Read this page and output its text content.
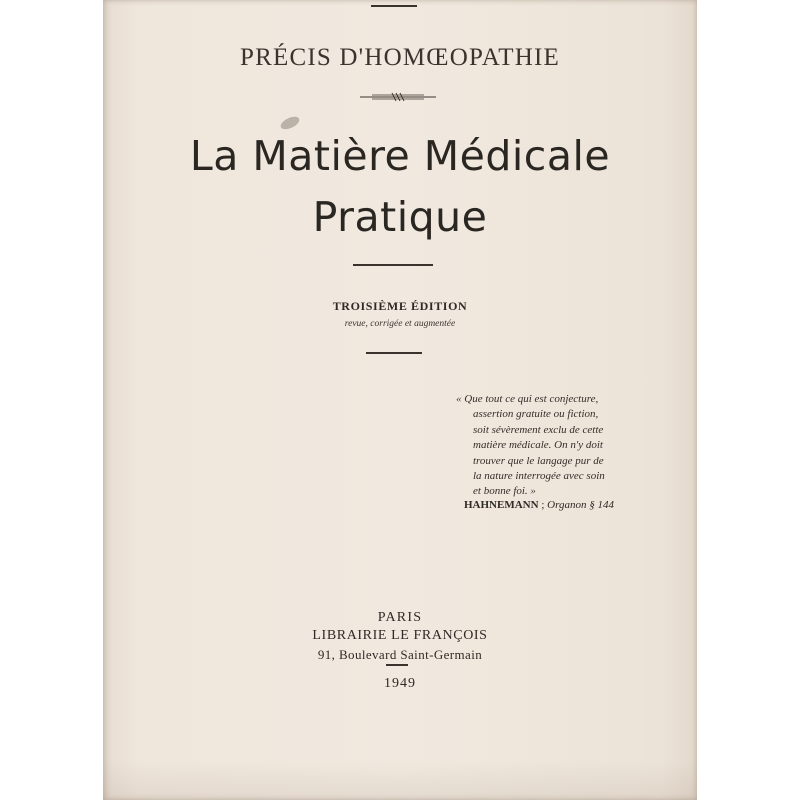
PRÉCIS D'HOMŒOPATHIE
La Matière Médicale
Pratique
TROISIÈME ÉDITION
revue, corrigée et augmentée
« Que tout ce qui est conjecture,
assertion gratuite ou fiction,
soit sévèrement exclu de cette
matière médicale. On n'y doit
trouver que le langage pur de
la nature interrogée avec soin
et bonne foi. »
HAHNEMANN ; Organon § 144
PARIS
LIBRAIRIE LE FRANÇOIS
91, Boulevard Saint-Germain
1949
